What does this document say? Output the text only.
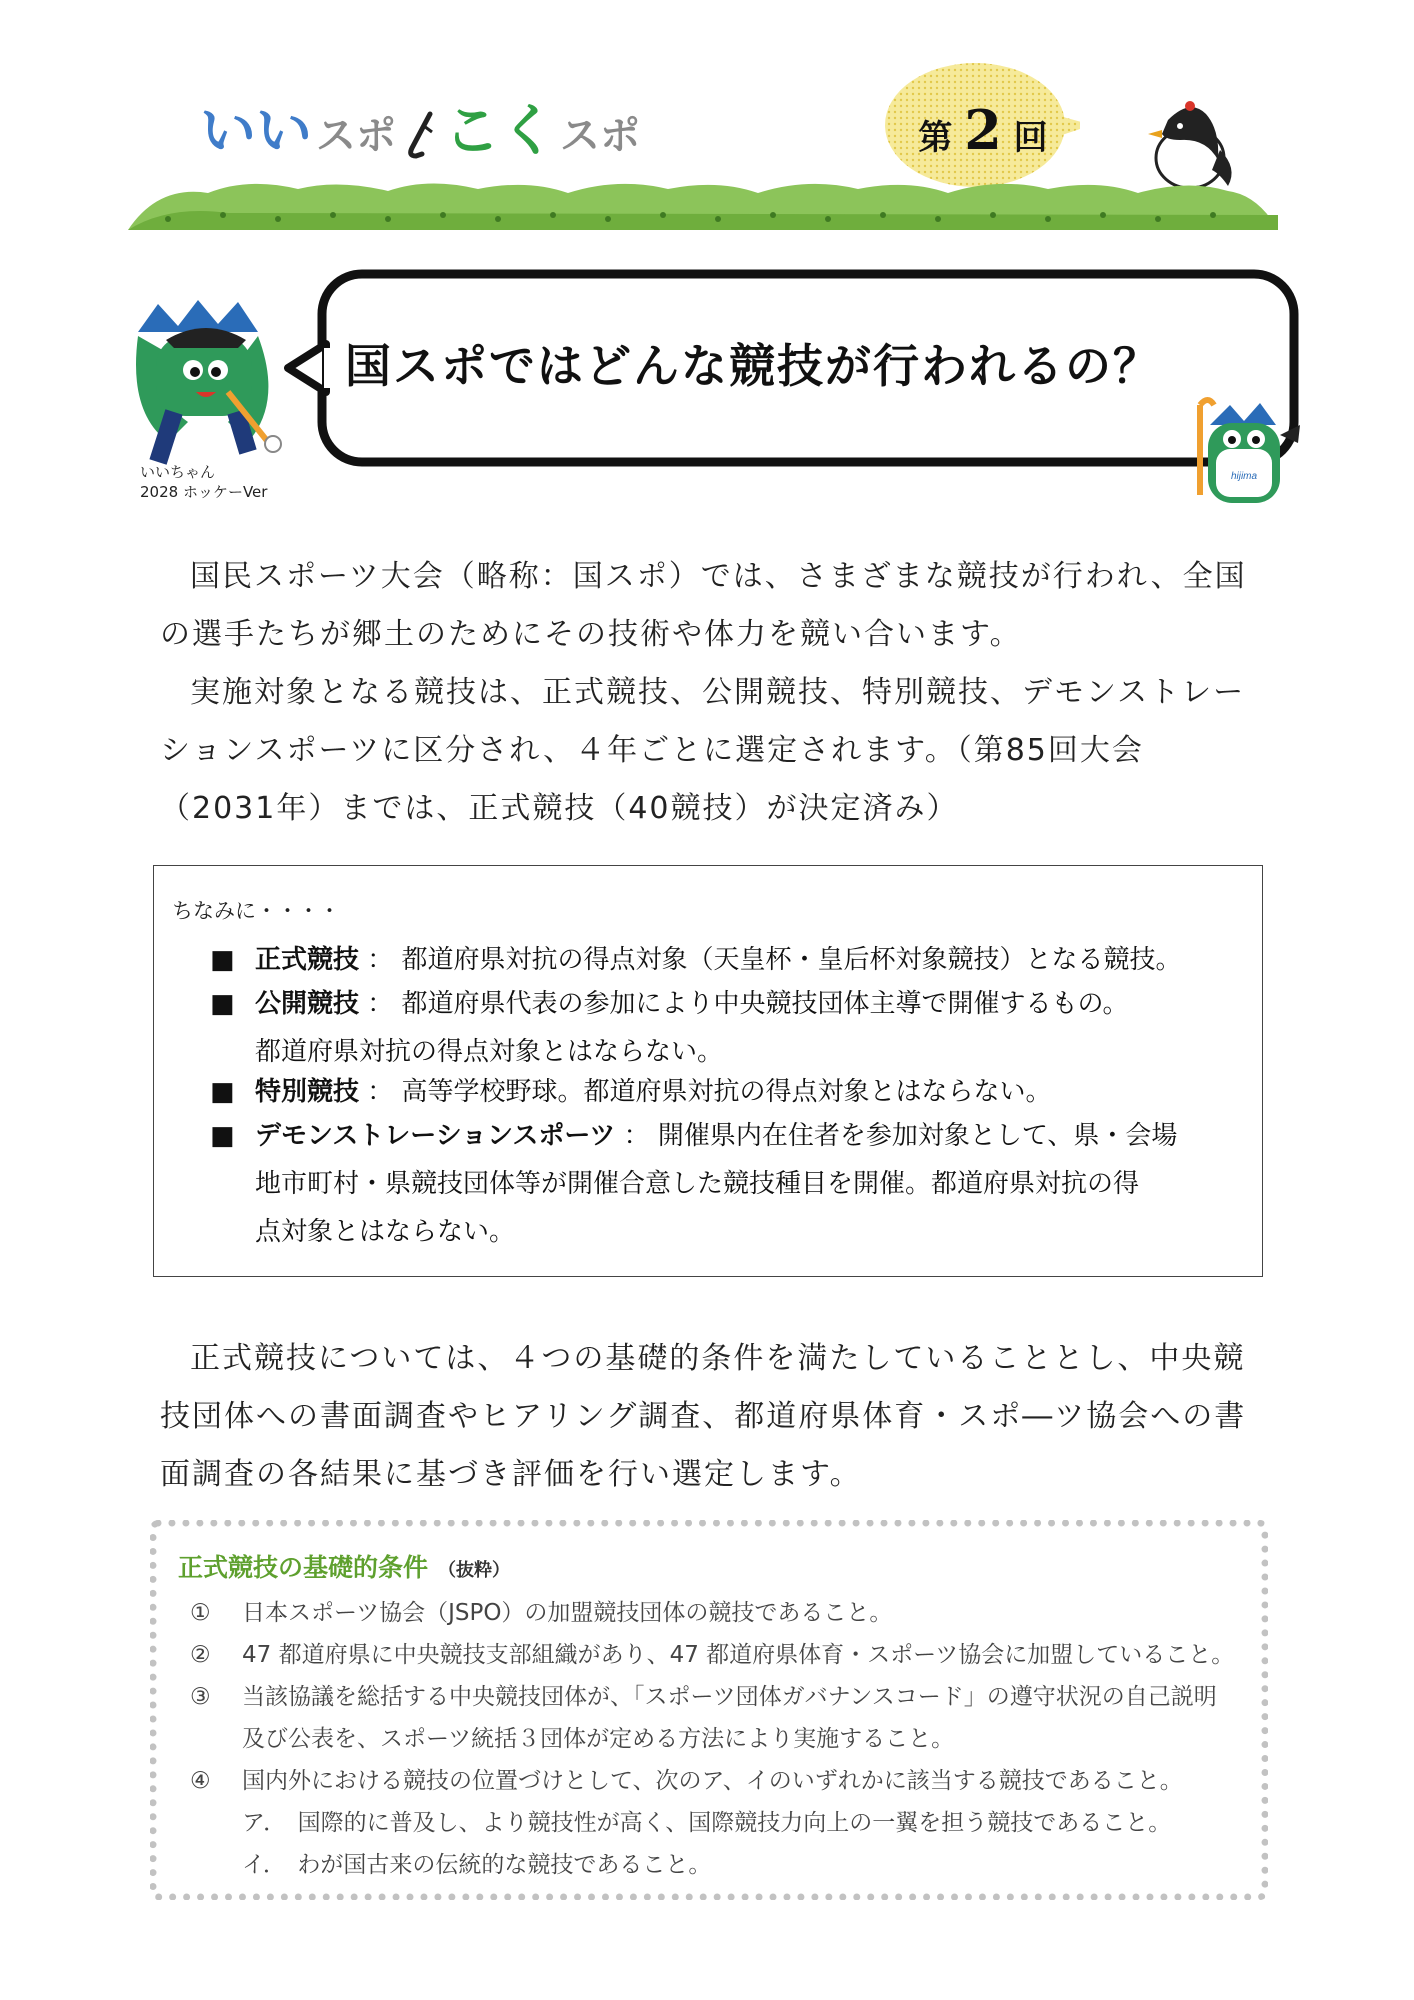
いい スポ こく スポ	第 2 回
国スポではどんな競技が行われるの？
いいちゃん
2028 ホッケーVer
hijima

国民スポーツ大会（略称：国スポ）では、さまざまな競技が行われ、全国の選手たちが郷土のためにその技術や体力を競い合います。

実施対象となる競技は、正式競技、公開競技、特別競技、デモンストレーションスポーツに区分され、４年ごとに選定されます。（第85回大会（2031年）までは、正式競技（40競技）が決定済み）

ちなみに・・・・
■ 正式競技 ： 都道府県対抗の得点対象（天皇杯・皇后杯対象競技）となる競技。
■ 公開競技 ： 都道府県代表の参加により中央競技団体主導で開催するもの。
都道府県対抗の得点対象とはならない。
■ 特別競技 ： 高等学校野球。都道府県対抗の得点対象とはならない。
■ デモンストレーションスポーツ ： 開催県内在住者を参加対象として、県・会場
地市町村・県競技団体等が開催合意した競技種目を開催。都道府県対抗の得
点対象とはならない。

正式競技については、４つの基礎的条件を満たしていることとし、中央競技団体への書面調査やヒアリング調査、都道府県体育・スポ―ツ協会への書面調査の各結果に基づき評価を行い選定します。

正式競技の基礎的条件 （抜粋）
① 日本スポーツ協会（JSPO）の加盟競技団体の競技であること。
② 47 都道府県に中央競技支部組織があり、47 都道府県体育・スポーツ協会に加盟していること。
③ 当該協議を総括する中央競技団体が、「スポーツ団体ガバナンスコード」の遵守状況の自己説明
及び公表を、スポーツ統括３団体が定める方法により実施すること。
④ 国内外における競技の位置づけとして、次のア、イのいずれかに該当する競技であること。
ア．　国際的に普及し、より競技性が高く、国際競技力向上の一翼を担う競技であること。
イ．　わが国古来の伝統的な競技であること。
